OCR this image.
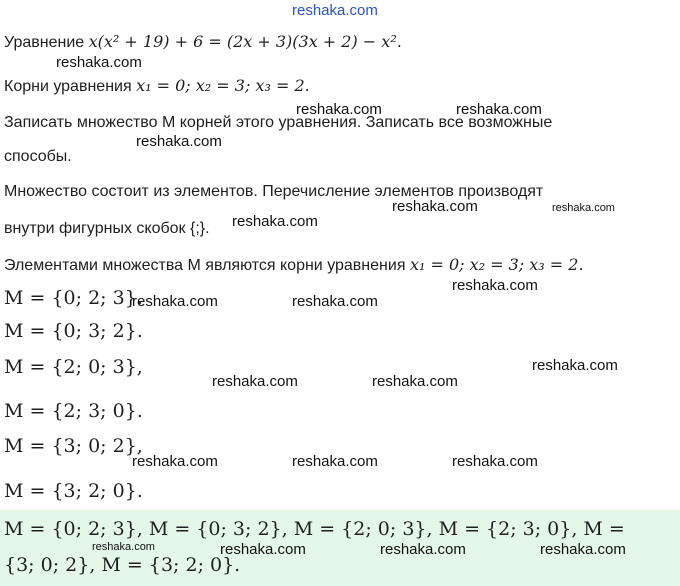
reshaka.com
Уравнение x(x² + 19) + 6 = (2x + 3)(3x + 2) − x².
reshaka.com
Корни уравнения x₁ = 0; x₂ = 3; x₃ = 2.
reshaka.com	reshaka.com
Записать множество М корней этого уравнения. Записать все возможные
reshaka.com
способы.
Множество состоит из элементов. Перечисление элементов производят
reshaka.com	reshaka.com
внутри фигурных скобок {;}. reshaka.com
Элементами множества М являются корни уравнения x₁ = 0; x₂ = 3; x₃ = 2.
reshaka.com
M = {0; 2; 3}.
reshaka.com	reshaka.com
M = {0; 3; 2}.
M = {2; 0; 3},	reshaka.com
reshaka.com	reshaka.com
M = {2; 3; 0}.
M = {3; 0; 2},
reshaka.com	reshaka.com	reshaka.com
M = {3; 2; 0}.
M = {0; 2; 3}, M = {0; 3; 2}, M = {2; 0; 3}, M = {2; 3; 0}, M =
{3; 0; 2}, M = {3; 2; 0}.
reshaka.com	reshaka.com	reshaka.com	reshaka.com
